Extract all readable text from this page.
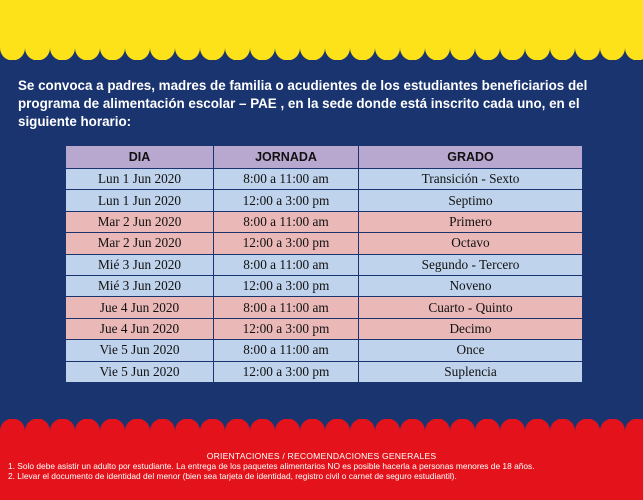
Se convoca a padres, madres de familia o acudientes de los estudiantes beneficiarios del programa de alimentación escolar – PAE , en la sede donde está inscrito cada uno, en el siguiente horario:
DIA	JORNADA	GRADO
Lun 1 Jun 2020	8:00 a 11:00 am	Transición - Sexto
Lun 1 Jun 2020	12:00 a 3:00 pm	Septimo
Mar 2 Jun 2020	8:00 a 11:00 am	Primero
Mar 2 Jun 2020	12:00 a 3:00 pm	Octavo
Mié 3 Jun 2020	8:00 a 11:00 am	Segundo - Tercero
Mié 3 Jun 2020	12:00 a 3:00 pm	Noveno
Jue 4 Jun 2020	8:00 a 11:00 am	Cuarto - Quinto
Jue 4 Jun 2020	12:00 a 3:00 pm	Decimo
Vie 5 Jun 2020	8:00 a 11:00 am	Once
Vie 5 Jun 2020	12:00 a 3:00 pm	Suplencia
ORIENTACIONES / RECOMENDACIONES GENERALES

1. Solo debe asistir un adulto por estudiante. La entrega de los paquetes alimentarios NO es posible hacerla a personas menores de 18 años.

2. Llevar el documento de identidad del menor (bien sea tarjeta de identidad, registro civil o carnet de seguro estudiantil).
